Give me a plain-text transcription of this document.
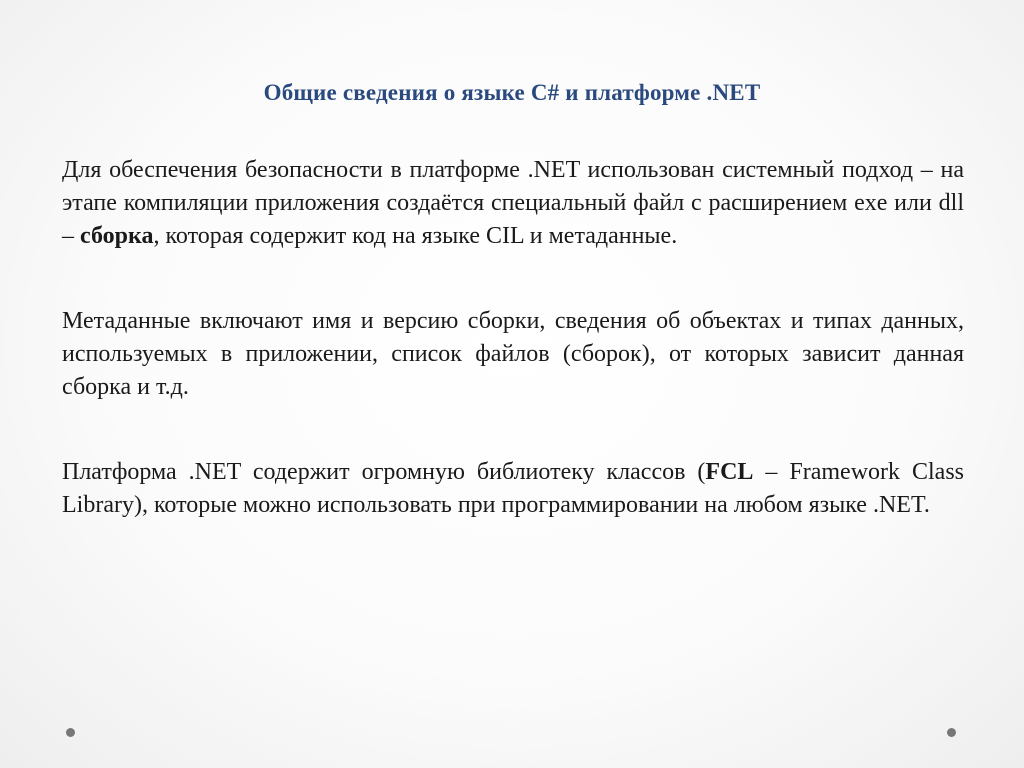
Общие сведения о языке C# и платформе .NET

Для обеспечения безопасности в платформе .NET использован системный подход – на этапе компиляции приложения создаётся специальный файл с расширением exe или dll – сборка, которая содержит код на языке CIL и метаданные.

Метаданные включают имя и версию сборки, сведения об объектах и типах данных, используемых в приложении, список файлов (сборок), от которых зависит данная сборка и т.д.

Платформа .NET содержит огромную библиотеку классов (FCL – Framework Class Library), которые можно использовать при программировании на любом языке .NET.
